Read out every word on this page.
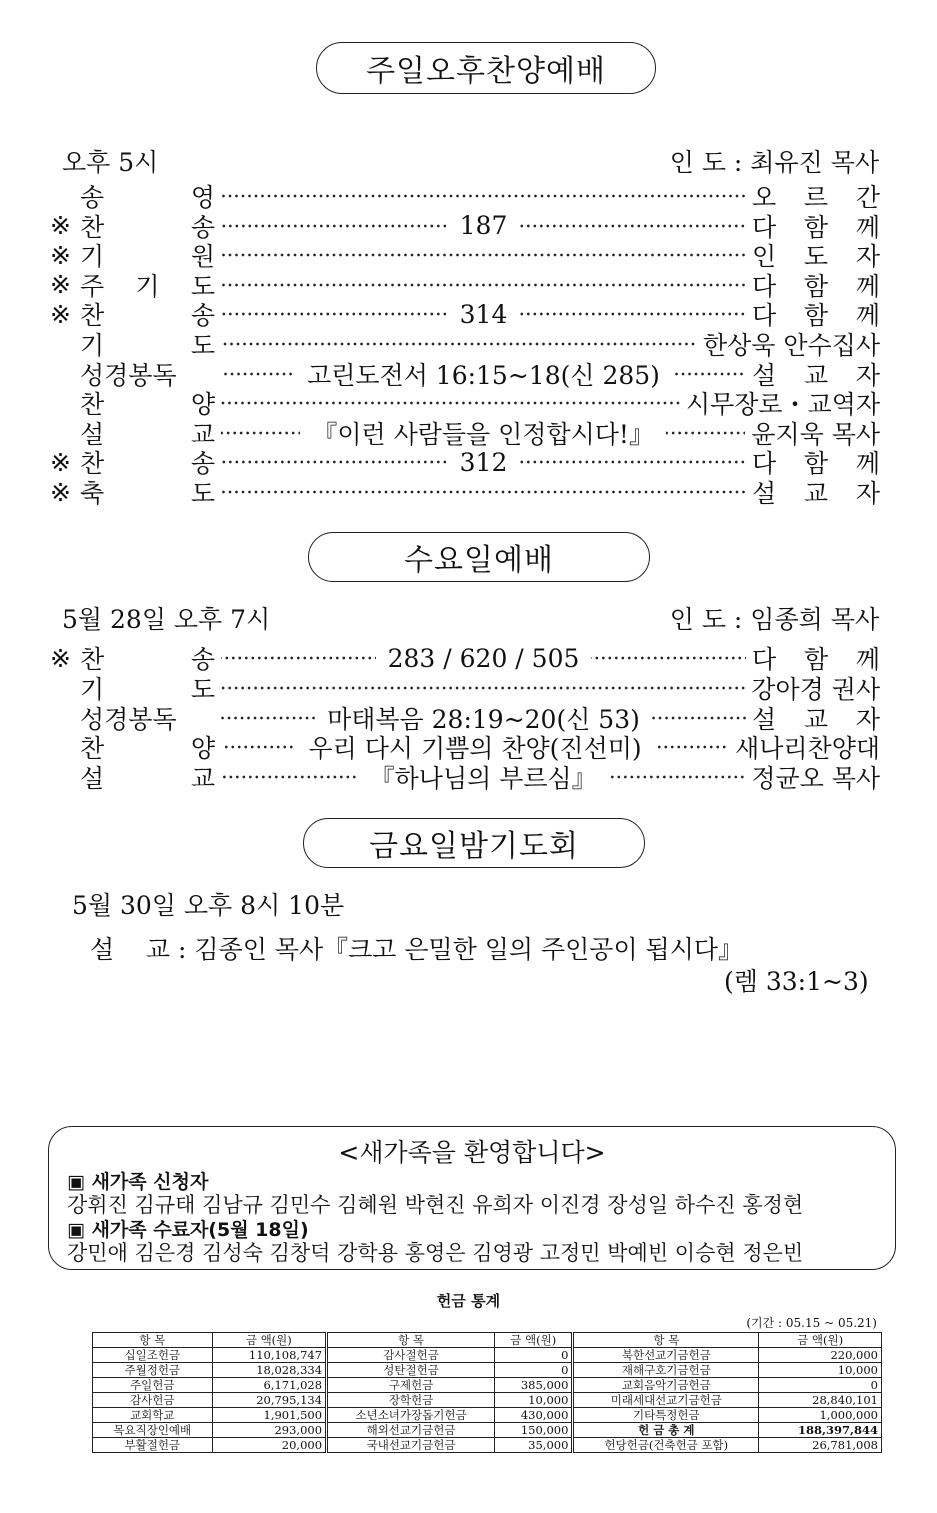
주일오후찬양예배
오후 5시	인 도 : 최유진 목사
송	영	오 르 간
※ 찬	송	187	다 함 께
※ 기	원	인 도 자
※ 주 기 도	다 함 께
※ 찬	송	314	다 함 께
기	도	한상욱 안수집사
성경봉독	고린도전서 16:15~18(신 285)	설 교 자
찬	양	시무장로・교역자
설	교	『이런 사람들을 인정합시다!』	윤지욱 목사
※ 찬	송	312	다 함 께
※ 축	도	설 교 자
수요일예배
5월 28일 오후 7시	인 도 : 임종희 목사
※ 찬	송	283 / 620 / 505	다 함 께
기	도	강아경 권사
성경봉독	마태복음 28:19~20(신 53)	설 교 자
찬	양	우리 다시 기쁨의 찬양(진선미)	새나리찬양대
설	교	『하나님의 부르심』	정균오 목사
금요일밤기도회
5월 30일 오후 8시 10분
설    교 : 김종인 목사『크고 은밀한 일의 주인공이 됩시다』
(렘 33:1~3)
<새가족을 환영합니다>
▣ 새가족 신청자
강휘진 김규태 김남규 김민수 김혜원 박현진 유희자 이진경 장성일 하수진 홍정현
▣ 새가족 수료자(5월 18일)
강민애 김은경 김성숙 김창덕 강학용 홍영은 김영광 고정민 박예빈 이승현 정은빈
헌금 통계
(기간 : 05.15 ~ 05.21)
항 목	금 액(원)	항 목	금 액(원)	항 목	금 액(원)
십일조헌금	110,108,747	감사절헌금	0	북한선교기금헌금	220,000
주월정헌금	18,028,334	성탄절헌금	0	재해구호기금헌금	10,000
주일헌금	6,171,028	구제헌금	385,000	교회음악기금헌금	0
감사헌금	20,795,134	장학헌금	10,000	미래세대선교기금헌금	28,840,101
교회학교	1,901,500	소년소녀가장돕기헌금	430,000	기타특정헌금	1,000,000
목요직장인예배	293,000	해외선교기금헌금	150,000	헌 금 총 계	188,397,844
부활절헌금	20,000	국내선교기금헌금	35,000	헌당헌금(건축헌금 포함)	26,781,008
